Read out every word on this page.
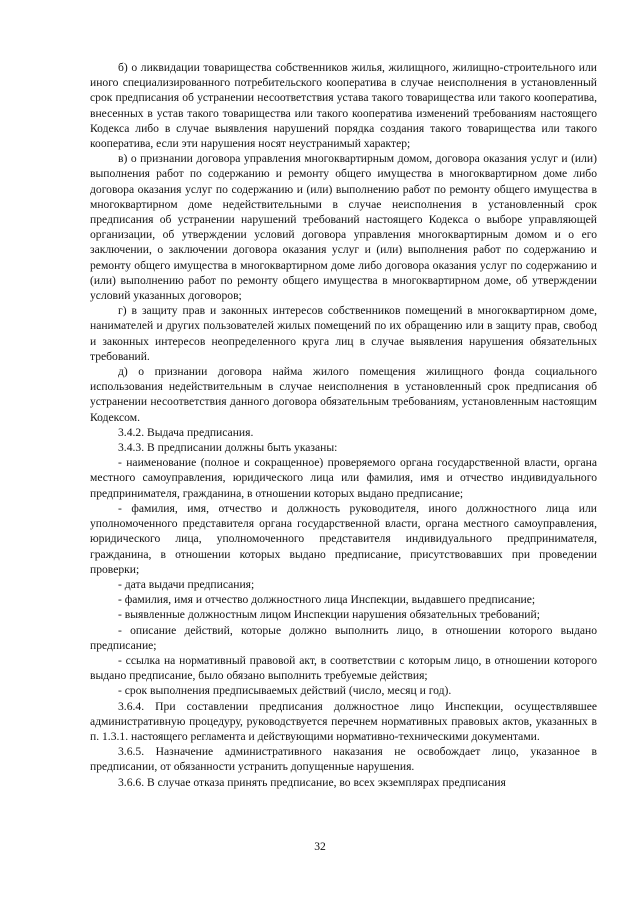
б) о ликвидации товарищества собственников жилья, жилищного, жилищно-строительного или иного специализированного потребительского кооператива в случае неисполнения в установленный срок предписания об устранении несоответствия устава такого товарищества или такого кооператива, внесенных в устав такого товарищества или такого кооператива изменений требованиям настоящего Кодекса либо в случае выявления нарушений порядка создания такого товарищества или такого кооператива, если эти нарушения носят неустранимый характер;

в) о признании договора управления многоквартирным домом, договора оказания услуг и (или) выполнения работ по содержанию и ремонту общего имущества в многоквартирном доме либо договора оказания услуг по содержанию и (или) выполнению работ по ремонту общего имущества в многоквартирном доме недействительными в случае неисполнения в установленный срок предписания об устранении нарушений требований настоящего Кодекса о выборе управляющей организации, об утверждении условий договора управления многоквартирным домом и о его заключении, о заключении договора оказания услуг и (или) выполнения работ по содержанию и ремонту общего имущества в многоквартирном доме либо договора оказания услуг по содержанию и (или) выполнению работ по ремонту общего имущества в многоквартирном доме, об утверждении условий указанных договоров;

г) в защиту прав и законных интересов собственников помещений в многоквартирном доме, нанимателей и других пользователей жилых помещений по их обращению или в защиту прав, свобод и законных интересов неопределенного круга лиц в случае выявления нарушения обязательных требований.

д) о признании договора найма жилого помещения жилищного фонда социального использования недействительным в случае неисполнения в установленный срок предписания об устранении несоответствия данного договора обязательным требованиям, установленным настоящим Кодексом.

3.4.2. Выдача предписания.

3.4.3. В предписании должны быть указаны:

- наименование (полное и сокращенное) проверяемого органа государственной власти, органа местного самоуправления, юридического лица или фамилия, имя и отчество индивидуального предпринимателя, гражданина, в отношении которых выдано предписание;

- фамилия, имя, отчество и должность руководителя, иного должностного лица или уполномоченного представителя органа государственной власти, органа местного самоуправления, юридического лица, уполномоченного представителя индивидуального предпринимателя, гражданина, в отношении которых выдано предписание, присутствовавших при проведении проверки;

- дата выдачи предписания;

- фамилия, имя и отчество должностного лица Инспекции, выдавшего предписание;

- выявленные должностным лицом Инспекции нарушения обязательных требований;

- описание действий, которые должно выполнить лицо, в отношении которого выдано предписание;

- ссылка на нормативный правовой акт, в соответствии с которым лицо, в отношении которого выдано предписание, было обязано выполнить требуемые действия;

- срок выполнения предписываемых действий (число, месяц и год).

3.6.4. При составлении предписания должностное лицо Инспекции, осуществлявшее административную процедуру, руководствуется перечнем нормативных правовых актов, указанных в п. 1.3.1. настоящего регламента и действующими нормативно-техническими документами.

3.6.5. Назначение административного наказания не освобождает лицо, указанное в предписании, от обязанности устранить допущенные нарушения.

3.6.6. В случае отказа принять предписание, во всех экземплярах предписания

32
